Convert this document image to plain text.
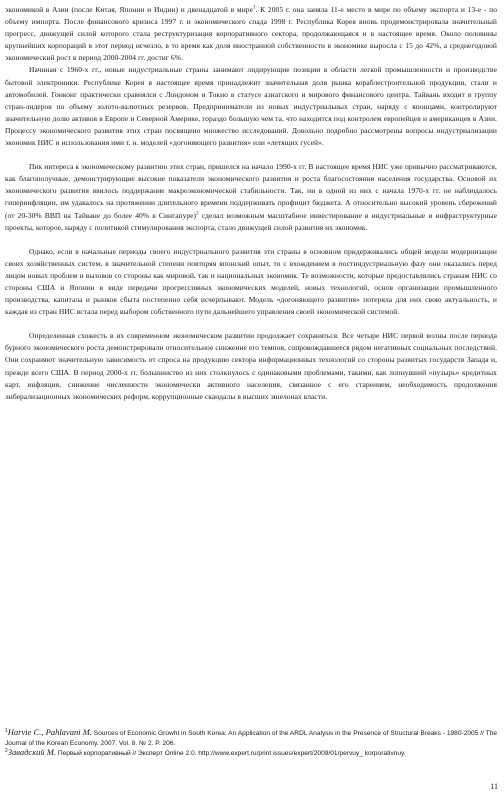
экономикой в Азии (после Китая, Японии и Индии) и двенадцатой в мире$^1$. К 2005 г. она заняла 11-е место в мире по объему экспорта и 13-е - по объему импорта. После финансового кризиса 1997 г. и экономического спада 1998 г. Республика Корея вновь продемонстрировала значительный прогресс, движущей силой которого стала реструктуризация корпоративного сектора, продолжающаяся и в настоящее время. Около половины крупнейших корпораций в этот период исчезло, в то время как доля иностранной собственности в экономике выросла с 15 до 42%, а среднегодовой экономический рост в период 2000-2004 гг. достиг 6%.

Начиная с 1960-х гг., новые индустриальные страны занимают лидирующие позиции в области легкой промышленности и производстве бытовой электроники. Республике Корея в настоящее время принадлежит значительная доля рынка кораблестроительной продукции, стали и автомобилей. Гонконг практически сравнялся с Лондоном и Токио в статусе азиатского и мирового финансового центра. Тайвань входит в группу стран-лидеров по объему золото-валютных резервов. Предприниматели из новых индустриальных стран, наряду с японцами, контролируют значительную долю активов в Европе и Северной Америке, гораздо большую чем та, что находится под контролем европейцев и американцев в Азии. Процессу экономического развития этих стран посвящено множество исследований. Довольно подробно рассмотрены вопросы индустриализации экономик НИС и использования ими т. н. моделей «догоняющего развития» или «летящих гусей».

Пик интереса к экономическому развитию этих стран, пришелся на начало 1990-х гг. В настоящее время НИС уже привычно рассматриваются, как благополучные, демонстрирующие высокие показатели экономического развития и роста благосостояния населения государства. Основой их экономического развития явилось поддержание макроэкономической стабильности. Так, ни в одной из них с начала 1970-х гг. не наблюдалось гиперинфляции, им удавалось на протяжении длительного времени поддерживать профицит бюджета. А относительно высокий уровень сбережений (от 20-30% ВВП на Тайване до более 40% в Сингапуре)$^2$ сделал возможным масштабное инвестирование в индустриальные и инфраструктурные проекты, которое, наряду с политикой стимулирования экспорта, стало движущей силой развития их экономик.

Однако, если в начальные периоды своего индустриального развития эти страны в основном придерживались общей модели модернизации своих хозяйственных систем, в значительной степени повторяя японский опыт, то с вхождением в постиндустриальную фазу они оказались перед лицом новых проблем и вызовов со стороны как мировой, так и национальных экономик. Те возможности, которые предоставлялись странам НИС со стороны США и Японии в виде передачи прогрессивных экономических моделей, новых технологий, основ организации промышленного производства, капитала и рынков сбыта постепенно себя исчерпывают. Модель «догоняющего развития» потеряла для них свою актуальность, и каждая из стран НИС встала перед выбором собственного пути дальнейшего управления своей экономической системой.

Определенная схожесть в их современном экономическом развитии продолжает сохраняться. Все четыре НИС первой волны после периода бурного экономического роста демонстрировали относительное снижение его темпов, сопровождавшееся рядом негативных социальных последствий. Они сохраняют значительную зависимость от спроса на продукцию сектора информационных технологий со стороны развитых государств Запада и, прежде всего США. В период 2000-х гг. большинство из них столкнулось с одинаковыми проблемами, такими, как лопнувший «пузырь» кредитных карт, инфляция, снижение численности экономически активного населения, связанное с его старением, необходимость продолжения либерализационных экономических реформ, коррупционные скандалы в высших эшелонах власти.

$^1$Harvie C., Pahlavani M. Sources of Economic Growht in South Korea: An Application of the ARDL Analysis in the Presence of Structural Breaks - 1980-2005 // The Journal of the Korean Economy. 2007. Vol. 8. № 2. P. 206.

$^2$Завадский М. Первый корпоративный // Эксперт Online 2.0. http://www.expert.ru/print issues/expert/2009/01/pervuy_ korporativnuy.

11
